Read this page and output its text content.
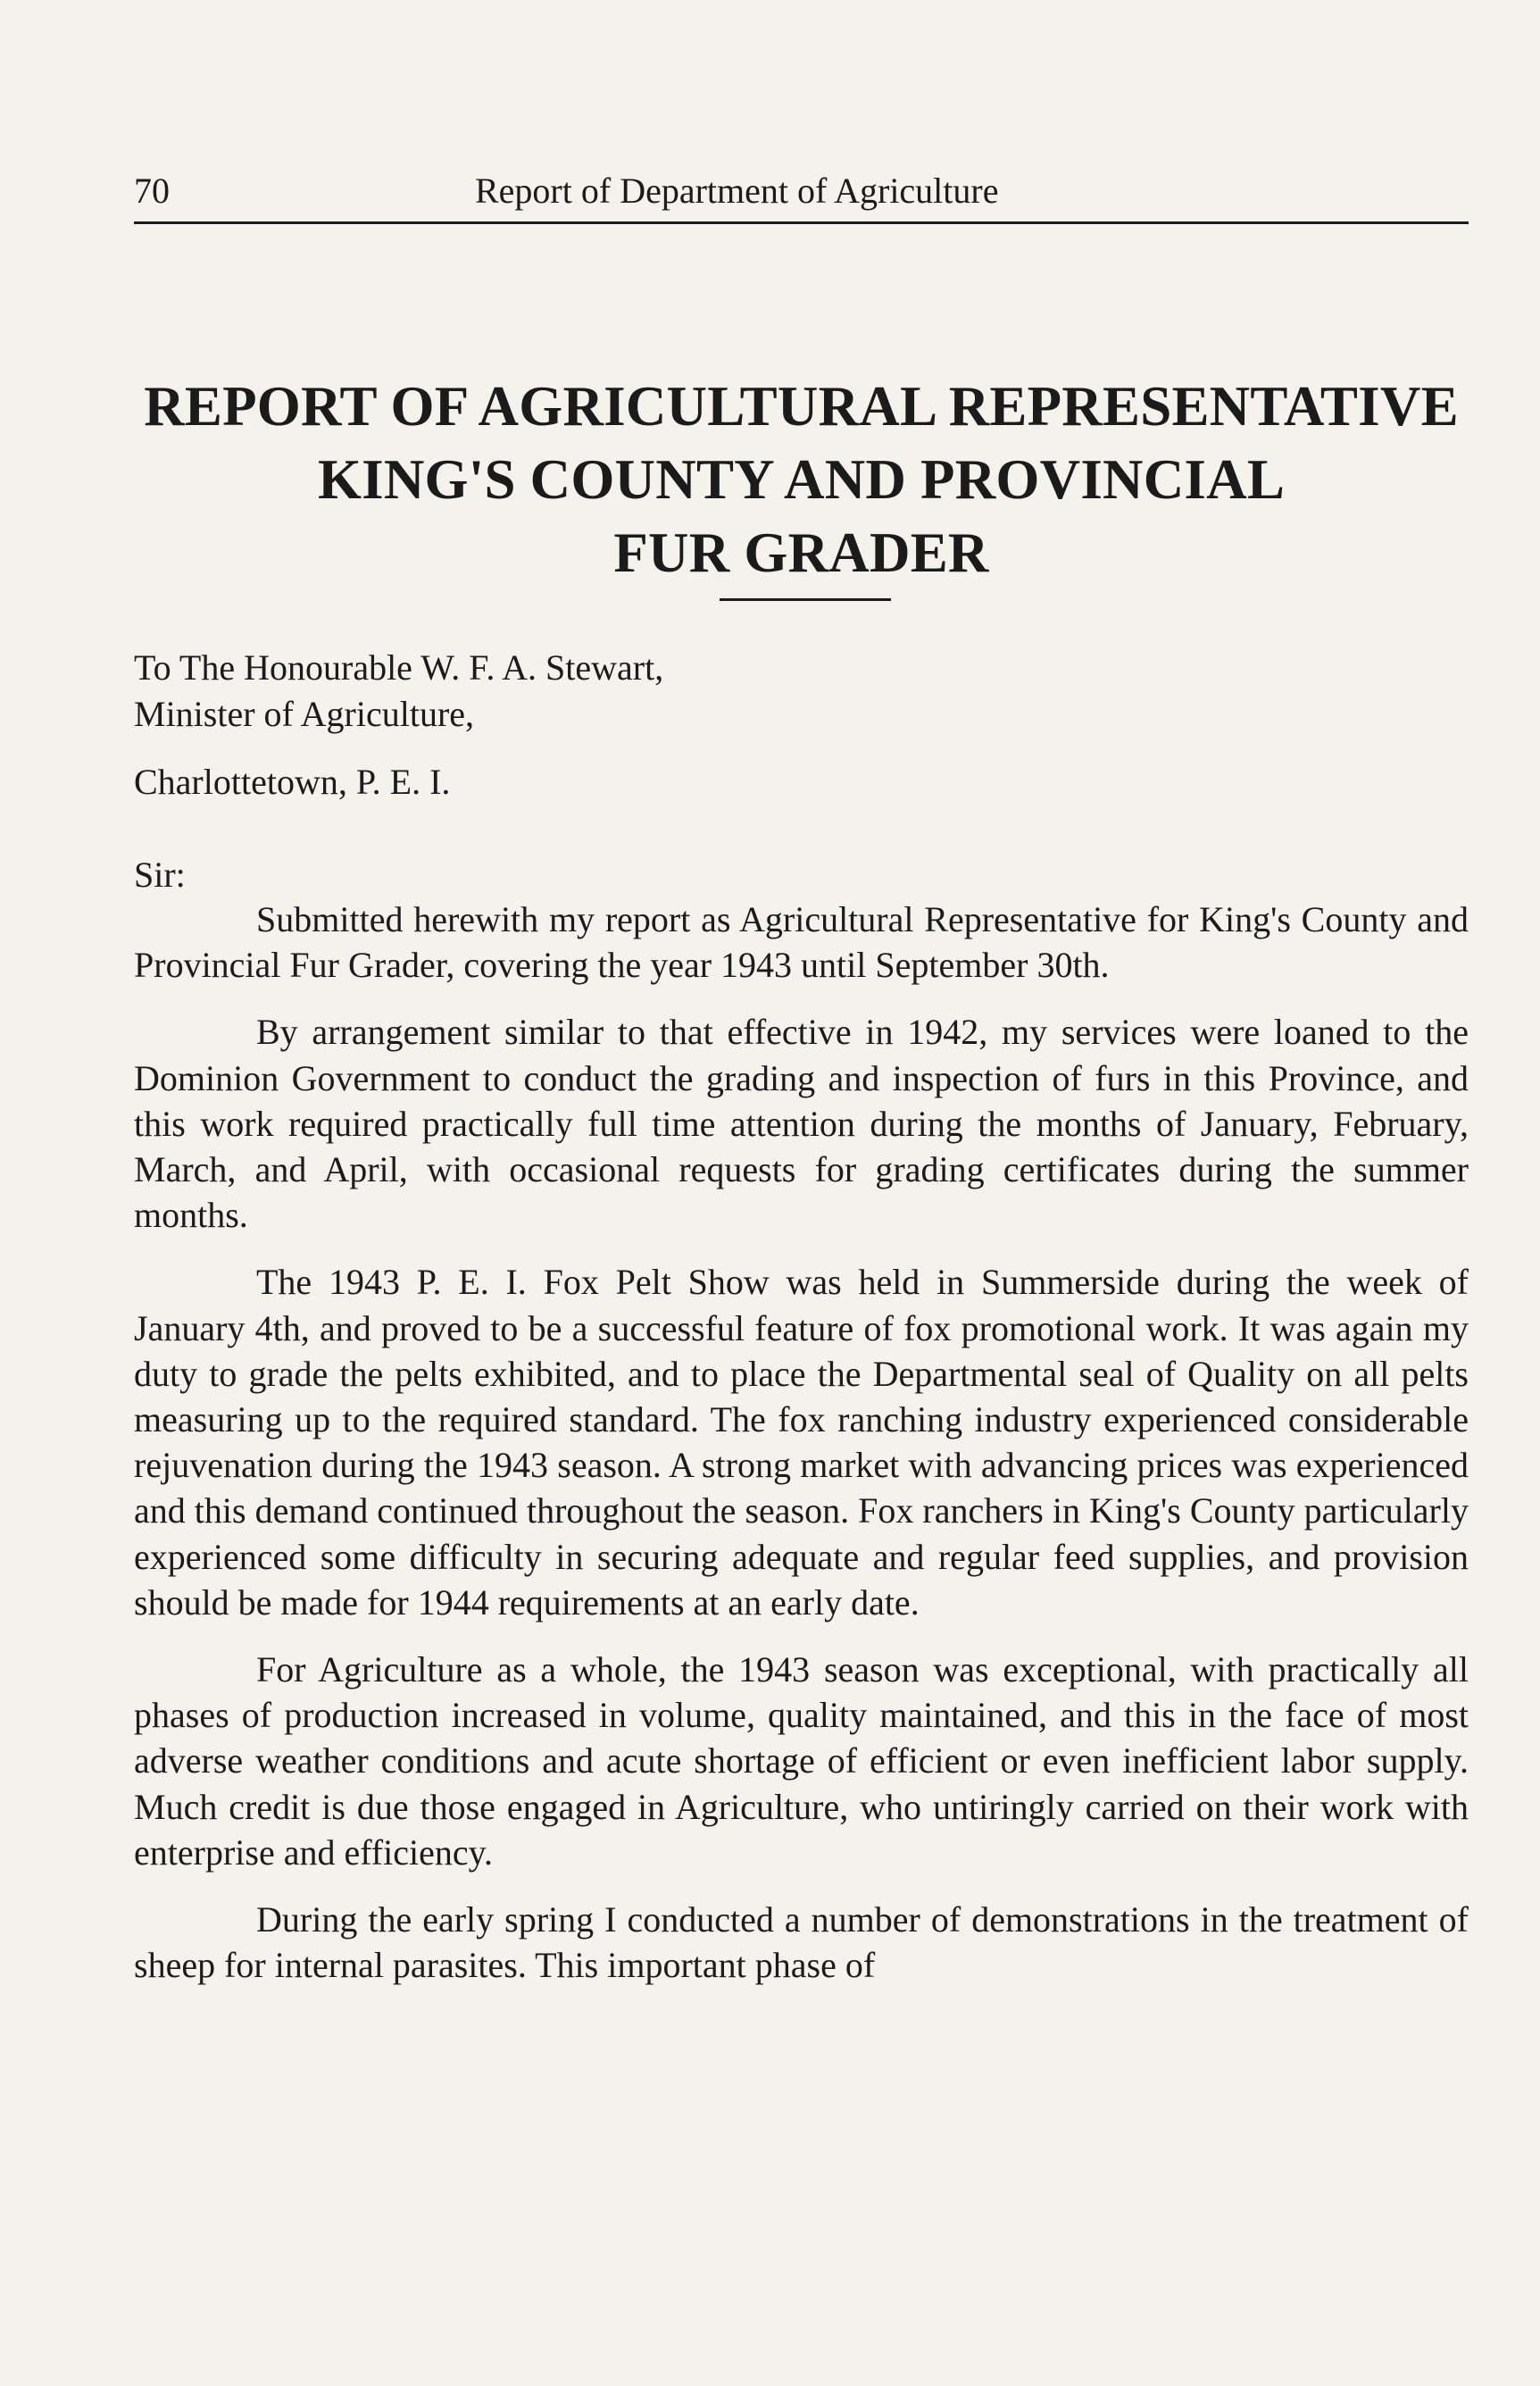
70	Report of Department of Agriculture
REPORT OF AGRICULTURAL REPRESENTATIVE
KING'S COUNTY AND PROVINCIAL
FUR GRADER
To The Honourable W. F. A. Stewart,
Minister of Agriculture,
Charlottetown, P. E. I.
Sir:

Submitted herewith my report as Agricultural Representative for King's County and Provincial Fur Grader, covering the year 1943 until September 30th.

By arrangement similar to that effective in 1942, my services were loaned to the Dominion Government to conduct the grading and inspection of furs in this Province, and this work required practically full time attention during the months of January, February, March, and April, with occasional requests for grading certificates during the summer months.

The 1943 P. E. I. Fox Pelt Show was held in Summerside during the week of January 4th, and proved to be a successful feature of fox promotional work. It was again my duty to grade the pelts exhibited, and to place the Departmental seal of Quality on all pelts measuring up to the required standard. The fox ranching industry experienced considerable rejuvenation during the 1943 season. A strong market with advancing prices was experienced and this demand continued throughout the season. Fox ranchers in King's County particularly experienced some difficulty in securing adequate and regular feed supplies, and provision should be made for 1944 requirements at an early date.

For Agriculture as a whole, the 1943 season was exceptional, with practically all phases of production increased in volume, quality maintained, and this in the face of most adverse weather conditions and acute shortage of efficient or even inefficient labor supply. Much credit is due those engaged in Agriculture, who untiringly carried on their work with enterprise and efficiency.

During the early spring I conducted a number of demonstrations in the treatment of sheep for internal parasites. This important phase of
